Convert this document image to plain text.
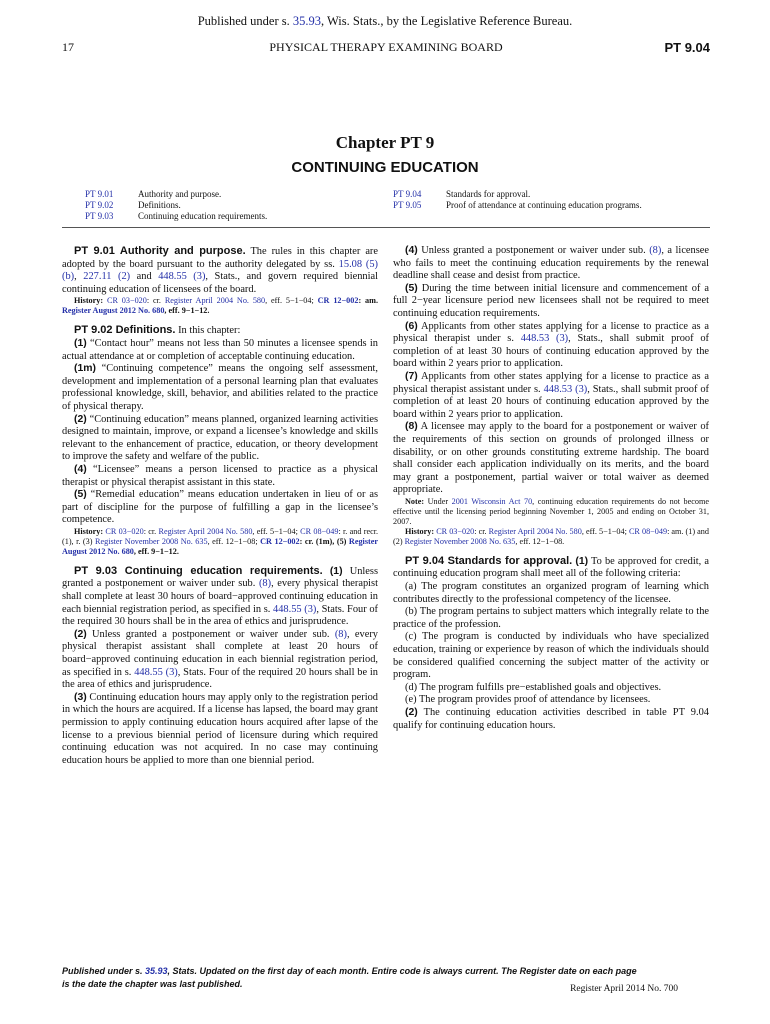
Published under s. 35.93, Wis. Stats., by the Legislative Reference Bureau.
17	PHYSICAL THERAPY EXAMINING BOARD	PT 9.04
Chapter PT 9
CONTINUING EDUCATION
PT 9.01	Authority and purpose.
PT 9.02	Definitions.
PT 9.03	Continuing education requirements.
PT 9.04	Standards for approval.
PT 9.05	Proof of attendance at continuing education programs.

PT 9.01 Authority and purpose. The rules in this chapter are adopted by the board pursuant to the authority delegated by ss. 15.08 (5) (b), 227.11 (2) and 448.55 (3), Stats., and govern required biennial continuing education of licensees of the board.

History: CR 03−020: cr. Register April 2004 No. 580, eff. 5−1−04; CR 12−002: am. Register August 2012 No. 680, eff. 9−1−12.

PT 9.02 Definitions. In this chapter:

(1) “Contact hour” means not less than 50 minutes a licensee spends in actual attendance at or completion of acceptable continuing education.

(1m) “Continuing competence” means the ongoing self assessment, development and implementation of a personal learning plan that evaluates professional knowledge, skill, behavior, and abilities related to the practice of physical therapy.

(2) “Continuing education” means planned, organized learning activities designed to maintain, improve, or expand a licensee’s knowledge and skills relevant to the enhancement of practice, education, or theory development to improve the safety and welfare of the public.

(4) “Licensee” means a person licensed to practice as a physical therapist or physical therapist assistant in this state.

(5) “Remedial education” means education undertaken in lieu of or as part of discipline for the purpose of fulfilling a gap in the licensee’s competence.

History: CR 03−020: cr. Register April 2004 No. 580, eff. 5−1−04; CR 08−049: r. and recr. (1), r. (3) Register November 2008 No. 635, eff. 12−1−08; CR 12−002: cr. (1m), (5) Register August 2012 No. 680, eff. 9−1−12.

PT 9.03 Continuing education requirements. (1) Unless granted a postponement or waiver under sub. (8), every physical therapist shall complete at least 30 hours of board−approved continuing education in each biennial registration period, as specified in s. 448.55 (3), Stats. Four of the required 30 hours shall be in the area of ethics and jurisprudence.

(2) Unless granted a postponement or waiver under sub. (8), every physical therapist assistant shall complete at least 20 hours of board−approved continuing education in each biennial registration period, as specified in s. 448.55 (3), Stats. Four of the required 20 hours shall be in the area of ethics and jurisprudence.

(3) Continuing education hours may apply only to the registration period in which the hours are acquired. If a license has lapsed, the board may grant permission to apply continuing education hours acquired after lapse of the license to a previous biennial period of licensure during which required continuing education was not acquired. In no case may continuing education hours be applied to more than one biennial period.

(4) Unless granted a postponement or waiver under sub. (8), a licensee who fails to meet the continuing education requirements by the renewal deadline shall cease and desist from practice.

(5) During the time between initial licensure and commencement of a full 2−year licensure period new licensees shall not be required to meet continuing education requirements.

(6) Applicants from other states applying for a license to practice as a physical therapist under s. 448.53 (3), Stats., shall submit proof of completion of at least 30 hours of continuing education approved by the board within 2 years prior to application.

(7) Applicants from other states applying for a license to practice as a physical therapist assistant under s. 448.53 (3), Stats., shall submit proof of completion of at least 20 hours of continuing education approved by the board within 2 years prior to application.

(8) A licensee may apply to the board for a postponement or waiver of the requirements of this section on grounds of prolonged illness or disability, or on other grounds constituting extreme hardship. The board shall consider each application individually on its merits, and the board may grant a postponement, partial waiver or total waiver as deemed appropriate.

Note: Under 2001 Wisconsin Act 70, continuing education requirements do not become effective until the licensing period beginning November 1, 2005 and ending on October 31, 2007.

History: CR 03−020: cr. Register April 2004 No. 580, eff. 5−1−04; CR 08−049: am. (1) and (2) Register November 2008 No. 635, eff. 12−1−08.

PT 9.04 Standards for approval. (1) To be approved for credit, a continuing education program shall meet all of the following criteria:

(a) The program constitutes an organized program of learning which contributes directly to the professional competency of the licensee.

(b) The program pertains to subject matters which integrally relate to the practice of the profession.

(c) The program is conducted by individuals who have specialized education, training or experience by reason of which the individuals should be considered qualified concerning the subject matter of the activity or program.

(d) The program fulfills pre−established goals and objectives.

(e) The program provides proof of attendance by licensees.

(2) The continuing education activities described in table PT 9.04 qualify for continuing education hours.

Published under s. 35.93, Stats. Updated on the first day of each month. Entire code is always current. The Register date on each page
is the date the chapter was last published.	Register April 2014 No. 700
